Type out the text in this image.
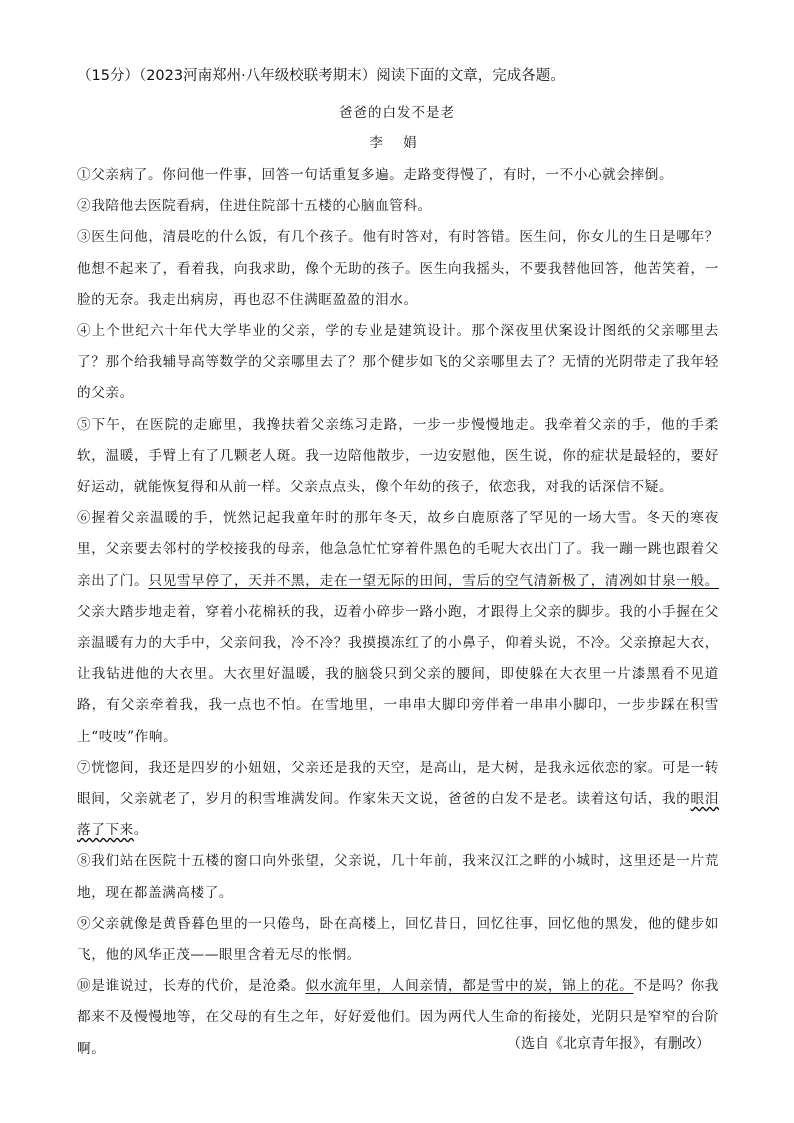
（15分）（2023河南郑州·八年级校联考期末）阅读下面的文章，完成各题。
爸爸的白发不是老
李 娟

①父亲病了。你问他一件事，回答一句话重复多遍。走路变得慢了，有时，一不小心就会摔倒。

②我陪他去医院看病，住进住院部十五楼的心脑血管科。

③医生问他，清晨吃的什么饭，有几个孩子。他有时答对，有时答错。医生问，你女儿的生日是哪年？他想不起来了，看着我，向我求助，像个无助的孩子。医生向我摇头，不要我替他回答，他苦笑着，一脸的无奈。我走出病房，再也忍不住满眶盈盈的泪水。

④上个世纪六十年代大学毕业的父亲，学的专业是建筑设计。那个深夜里伏案设计图纸的父亲哪里去了？那个给我辅导高等数学的父亲哪里去了？那个健步如飞的父亲哪里去了？无情的光阴带走了我年轻的父亲。

⑤下午，在医院的走廊里，我搀扶着父亲练习走路，一步一步慢慢地走。我牵着父亲的手，他的手柔软，温暖，手臂上有了几颗老人斑。我一边陪他散步，一边安慰他，医生说，你的症状是最轻的，要好好运动，就能恢复得和从前一样。父亲点点头，像个年幼的孩子，依恋我，对我的话深信不疑。

⑥握着父亲温暖的手，恍然记起我童年时的那年冬天，故乡白鹿原落了罕见的一场大雪。冬天的寒夜里，父亲要去邻村的学校接我的母亲，他急急忙忙穿着件黑色的毛呢大衣出门了。我一蹦一跳也跟着父亲出了门。只见雪早停了，天并不黑，走在一望无际的田间，雪后的空气清新极了，清冽如甘泉一般。父亲大踏步地走着，穿着小花棉袄的我，迈着小碎步一路小跑，才跟得上父亲的脚步。我的小手握在父亲温暖有力的大手中，父亲问我，冷不冷？我摸摸冻红了的小鼻子，仰着头说，不冷。父亲撩起大衣，让我钻进他的大衣里。大衣里好温暖，我的脑袋只到父亲的腰间，即使躲在大衣里一片漆黑看不见道路，有父亲牵着我，我一点也不怕。在雪地里，一串串大脚印旁伴着一串串小脚印，一步步踩在积雪上“吱吱”作响。

⑦恍惚间，我还是四岁的小妞妞，父亲还是我的天空，是高山，是大树，是我永远依恋的家。可是一转眼间，父亲就老了，岁月的积雪堆满发间。作家朱天文说，爸爸的白发不是老。读着这句话，我的眼泪落了下来。

⑧我们站在医院十五楼的窗口向外张望，父亲说，几十年前，我来汉江之畔的小城时，这里还是一片荒地，现在都盖满高楼了。

⑨父亲就像是黄昏暮色里的一只倦鸟，卧在高楼上，回忆昔日，回忆往事，回忆他的黑发，他的健步如飞，他的风华正茂——眼里含着无尽的怅惘。

⑩是谁说过，长寿的代价，是沧桑。似水流年里，人间亲情，都是雪中的炭，锦上的花。不是吗？你我都来不及慢慢地等，在父母的有生之年，好好爱他们。因为两代人生命的衔接处，光阴只是窄窄的台阶啊。	（选自《北京青年报》，有删改）
